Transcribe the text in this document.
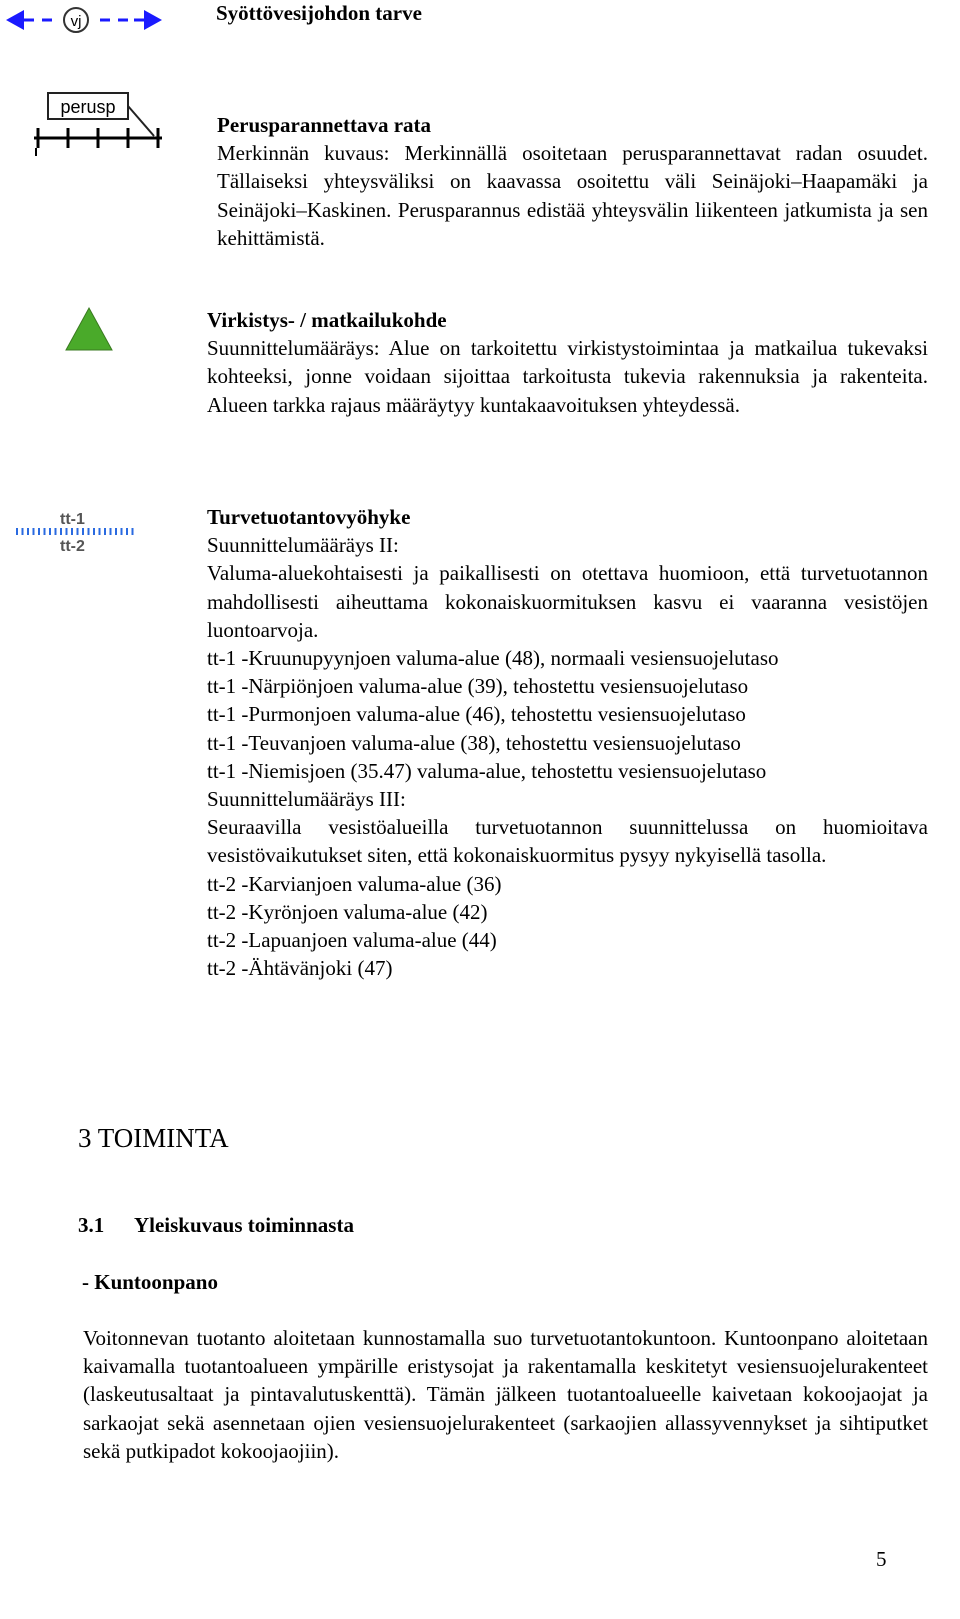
vj	Syöttövesijohdon tarve
perusp

Perusparannettava rata

Merkinnän kuvaus: Merkinnällä osoitetaan perusparannettavat radan osuudet. Tällaiseksi yhteysväliksi on kaavassa osoitettu väli Seinäjoki–Haapamäki ja Seinäjoki–Kaskinen. Perusparannus edistää yhteysvälin liikenteen jatkumista ja sen kehittämistä.

Virkistys- / matkailukohde

Suunnittelumääräys: Alue on tarkoitettu virkistystoimintaa ja matkailua tukevaksi kohteeksi, jonne voidaan sijoittaa tarkoitusta tukevia rakennuksia ja rakenteita. Alueen tarkka rajaus määräytyy kuntakaavoituksen yhteydessä.

tt-1
tt-2

Turvetuotantovyöhyke

Suunnittelumääräys II:

Valuma-aluekohtaisesti ja paikallisesti on otettava huomioon, että turvetuotannon mahdollisesti aiheuttama kokonaiskuormituksen kasvu ei vaaranna vesistöjen luontoarvoja.

tt-1 -Kruunupyynjoen valuma-alue (48), normaali vesiensuojelutaso
tt-1 -Närpiönjoen valuma-alue (39), tehostettu vesiensuojelutaso
tt-1 -Purmonjoen valuma-alue (46), tehostettu vesiensuojelutaso
tt-1 -Teuvanjoen valuma-alue (38), tehostettu vesiensuojelutaso
tt-1 -Niemisjoen (35.47) valuma-alue, tehostettu vesiensuojelutaso

Suunnittelumääräys III:

Seuraavilla vesistöalueilla turvetuotannon suunnittelussa on huomioitava vesistövaikutukset siten, että kokonaiskuormitus pysyy nykyisellä tasolla.

tt-2 -Karvianjoen valuma-alue (36)
tt-2 -Kyrönjoen valuma-alue (42)
tt-2 -Lapuanjoen valuma-alue (44)
tt-2 -Ähtävänjoki (47)
3 TOIMINTA
3.1 Yleiskuvaus toiminnasta
- Kuntoonpano

Voitonnevan tuotanto aloitetaan kunnostamalla suo turvetuotantokuntoon. Kuntoonpano aloitetaan kaivamalla tuotantoalueen ympärille eristysojat ja rakentamalla keskitetyt vesiensuojelurakenteet (laskeutusaltaat ja pintavalutuskenttä). Tämän jälkeen tuotantoalueelle kaivetaan kokoojaojat ja sarkaojat sekä asennetaan ojien vesiensuojelurakenteet (sarkaojien allassyvennykset ja sihtiputket sekä putkipadot kokoojaojiin).

5
